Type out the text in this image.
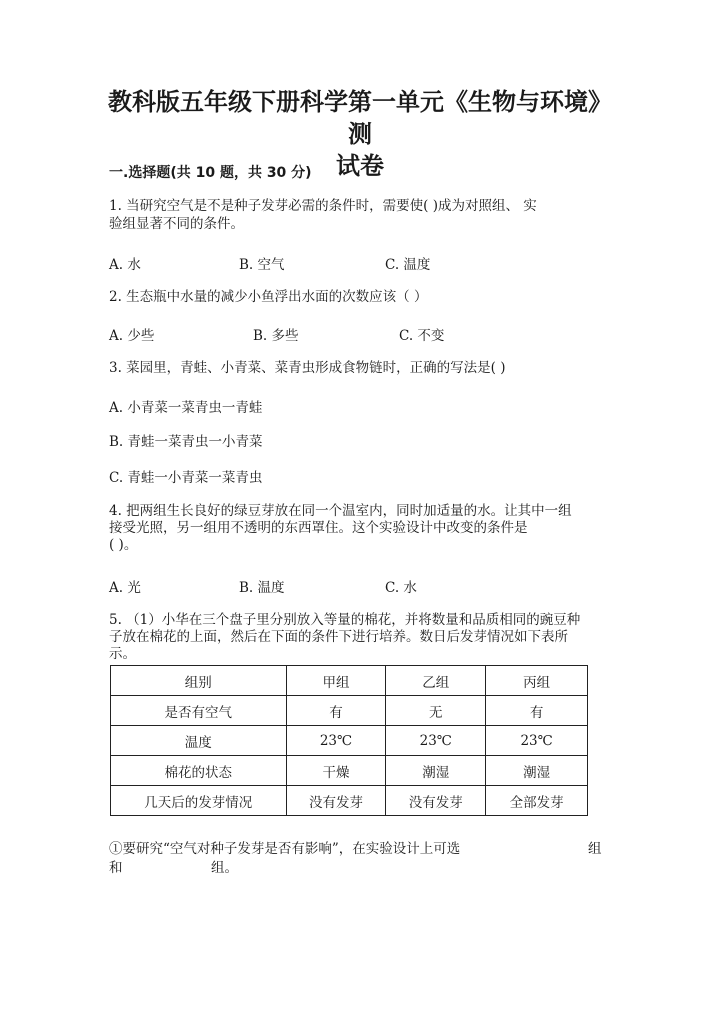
教科版五年级下册科学第一单元《生物与环境》测
试卷
一.选择题(共 10 题，共 30 分)
1. 当研究空气是不是种子发芽必需的条件时，需要使( )成为对照组、 实
验组显著不同的条件。
A. 水	B. 空气	C. 温度
2. 生态瓶中水量的减少小鱼浮出水面的次数应该（ ）
A. 少些	B. 多些	C. 不变
3. 菜园里，青蛙、小青菜、菜青虫形成食物链时，正确的写法是( )
A. 小青菜一菜青虫一青蛙
B. 青蛙一菜青虫一小青菜
C. 青蛙一小青菜一菜青虫
4. 把两组生长良好的绿豆芽放在同一个温室内，同时加适量的水。让其中一组
接受光照，另一组用不透明的东西罩住。这个实验设计中改变的条件是
( )。
A. 光	B. 温度	C. 水
5. （1）小华在三个盘子里分别放入等量的棉花，并将数量和品质相同的豌豆种
子放在棉花的上面，然后在下面的条件下进行培养。数日后发芽情况如下表所
示。
组别	甲组	乙组	丙组
是否有空气	有	无	有
温度	23℃	23℃	23℃
棉花的状态	干燥	潮湿	潮湿
几天后的发芽情况	没有发芽	没有发芽	全部发芽
①要研究“空气对种子发芽是否有影响”，在实验设计上可选	组
和	组。
